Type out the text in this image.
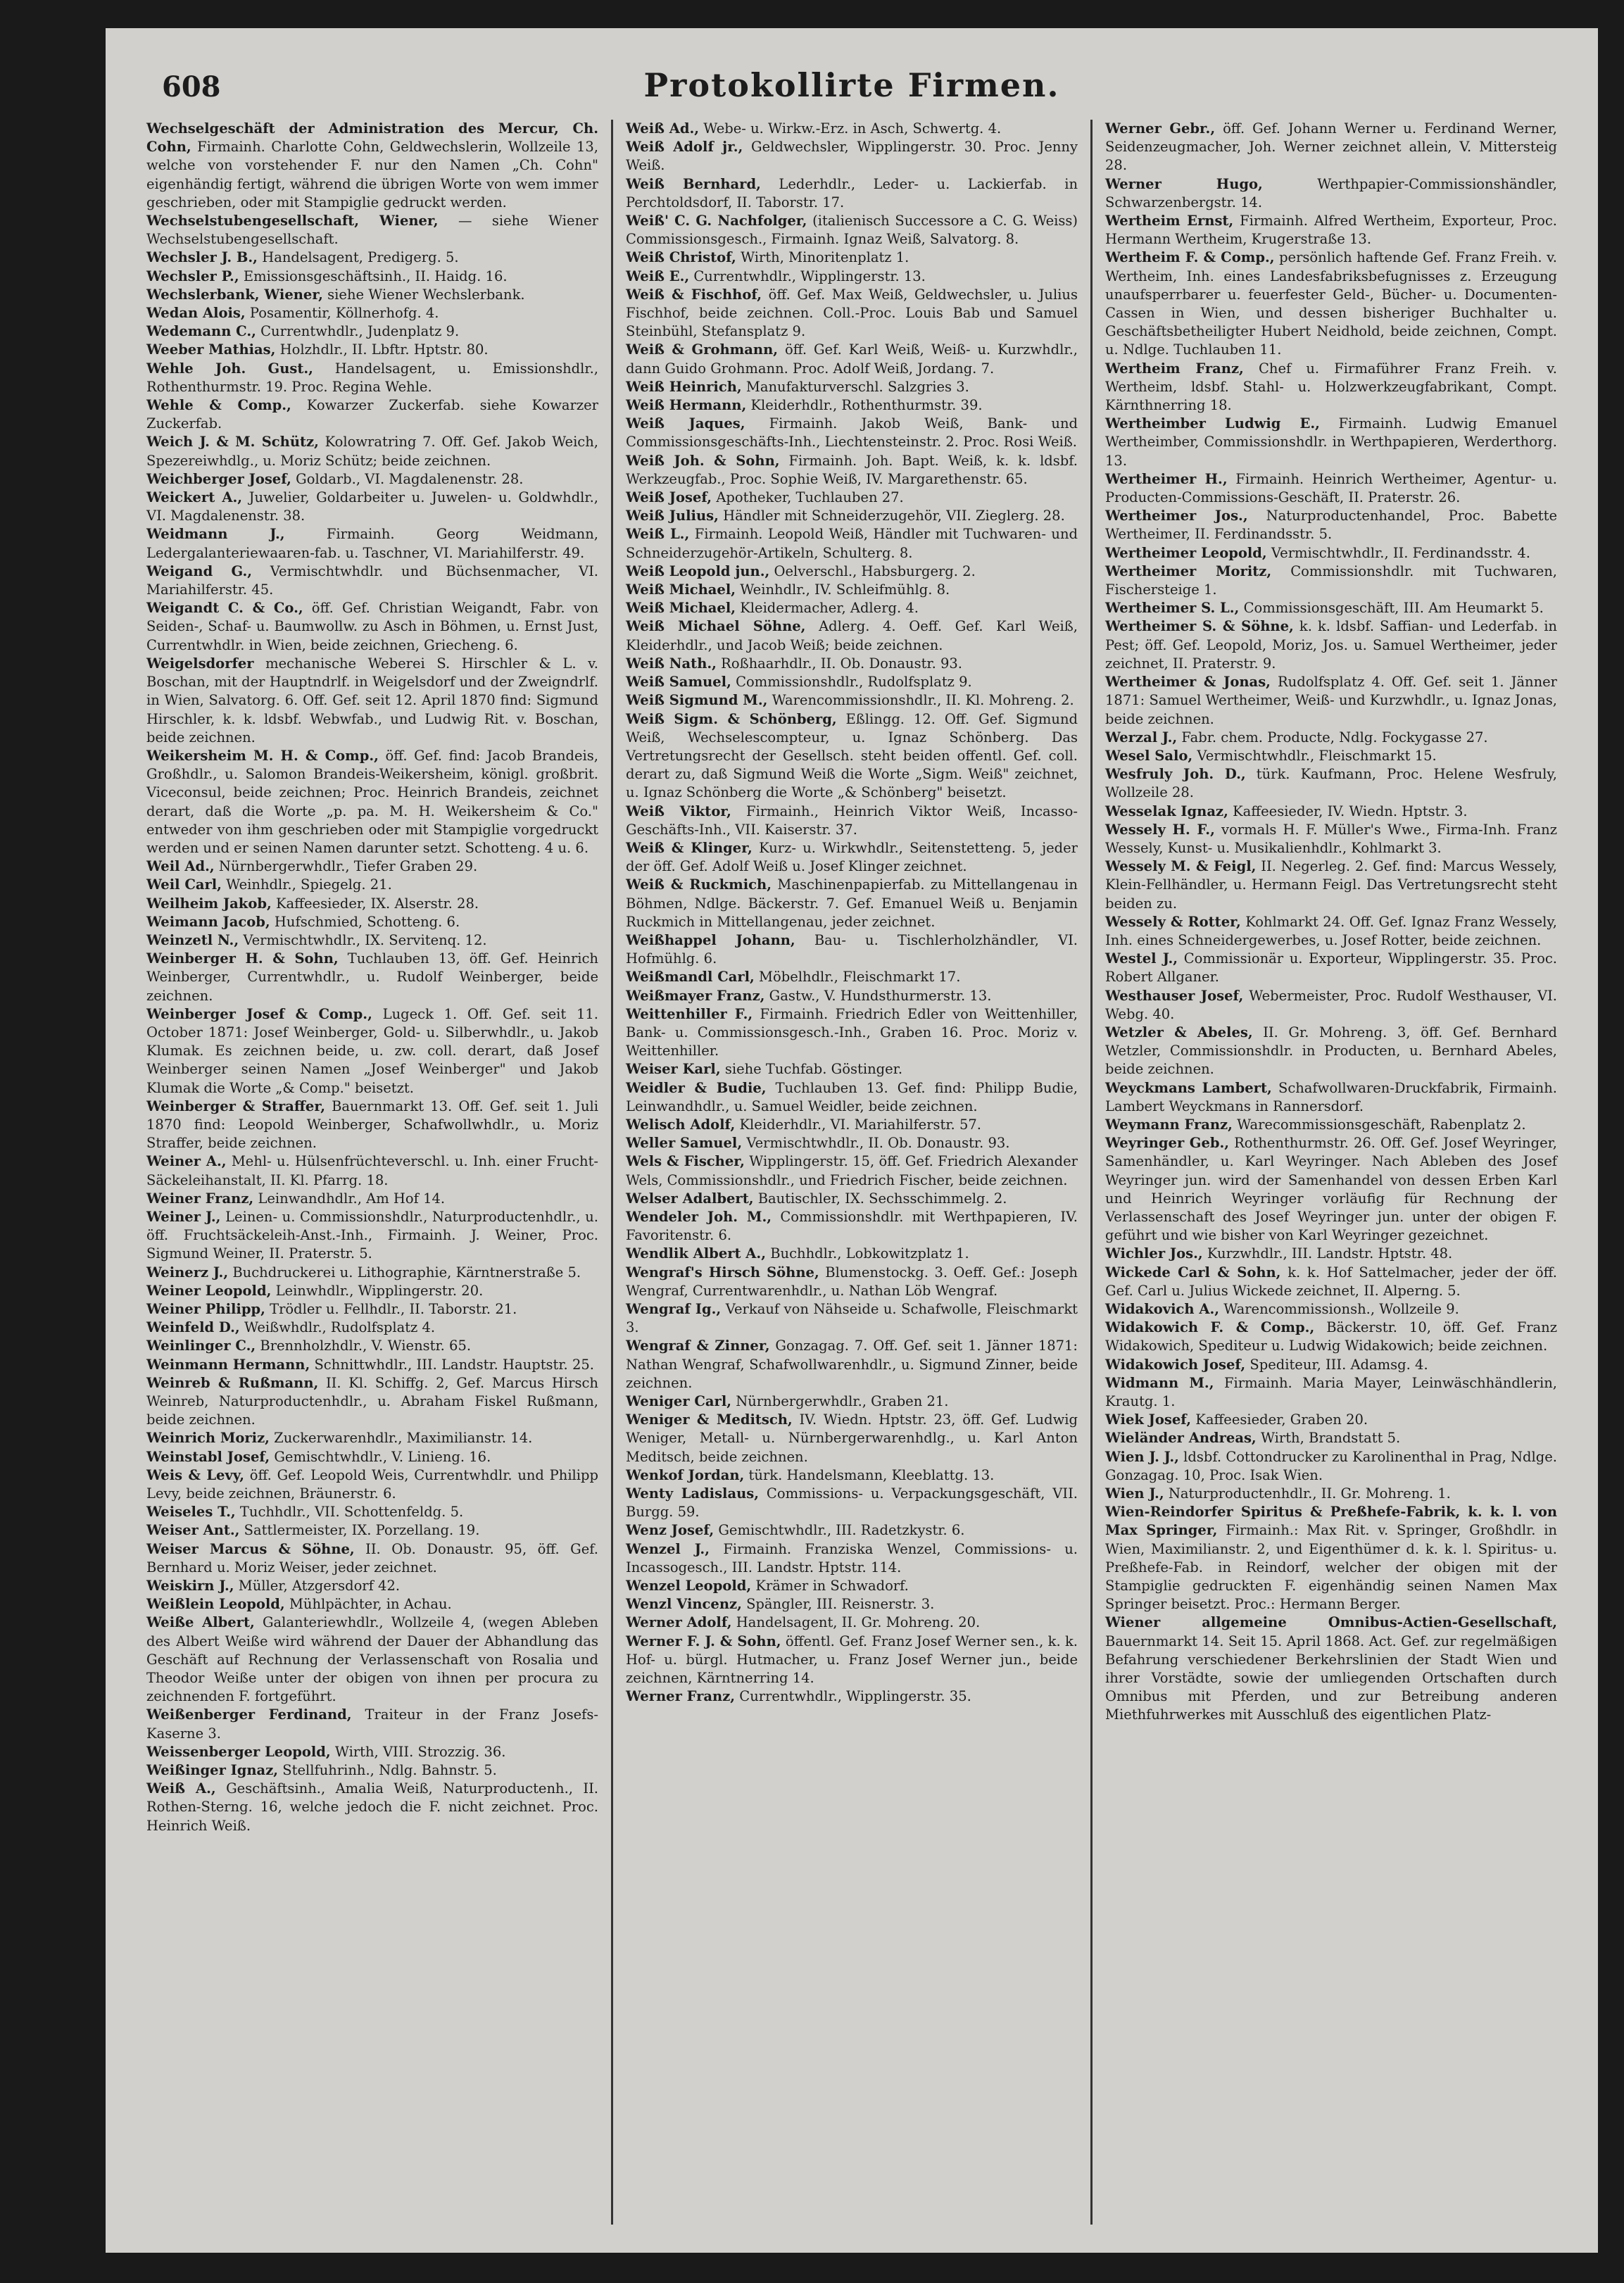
608	Protokollirte Firmen.

Wechselgeschäft der Administration des Mercur, Ch. Cohn, Firmainh. Charlotte Cohn, Geldwechslerin, Wollzeile 13, welche von vorstehender F. nur den Namen „Ch. Cohn" eigenhändig fertigt, während die übrigen Worte von wem immer geschrieben, oder mit Stampiglie gedruckt werden.

Wechselstubengesellschaft, Wiener, — siehe Wiener Wechselstubengesellschaft.

Wechsler J. B., Handelsagent, Predigerg. 5.

Wechsler P., Emissionsgeschäftsinh., II. Haidg. 16.

Wechslerbank, Wiener, siehe Wiener Wechslerbank.

Wedan Alois, Posamentir, Köllnerhofg. 4.

Wedemann C., Currentwhdlr., Judenplatz 9.

Weeber Mathias, Holzhdlr., II. Lbftr. Hptstr. 80.

Wehle Joh. Gust., Handelsagent, u. Emissionshdlr., Rothenthurmstr. 19. Proc. Regina Wehle.

Wehle & Comp., Kowarzer Zuckerfab. siehe Kowarzer Zuckerfab.

Weich J. & M. Schütz, Kolowratring 7. Off. Gef. Jakob Weich, Spezereiwhdlg., u. Moriz Schütz; beide zeichnen.

Weichberger Josef, Goldarb., VI. Magdalenenstr. 28.

Weickert A., Juwelier, Goldarbeiter u. Juwelen- u. Goldwhdlr., VI. Magdalenenstr. 38.

Weidmann J.,	Firmainh. Georg Weidmann, Ledergalanteriewaaren-fab. u. Taschner, VI. Mariahilferstr. 49.

Weigand G., Vermischtwhdlr. und Büchsenmacher, VI. Mariahilferstr. 45.

Weigandt C. & Co., öff. Gef. Christian Weigandt, Fabr. von Seiden-, Schaf- u. Baumwollw. zu Asch in Böhmen, u. Ernst Just, Currentwhdlr. in Wien, beide zeichnen, Griecheng. 6.

Weigelsdorfer mechanische Weberei S. Hirschler & L. v. Boschan, mit der Hauptndrlf. in Weigelsdorf und der Zweigndrlf. in Wien, Salvatorg. 6. Off. Gef. seit 12. April 1870 find: Sigmund Hirschler, k. k. ldsbf. Webwfab., und Ludwig Rit. v. Boschan, beide zeichnen.

Weikersheim M. H. & Comp., öff. Gef. find: Jacob Brandeis, Großhdlr., u. Salomon Brandeis-Weikersheim, königl. großbrit. Viceconsul, beide zeichnen; Proc. Heinrich Brandeis, zeichnet derart, daß die Worte „p. pa. M. H. Weikersheim & Co." entweder von ihm geschrieben oder mit Stampiglie vorgedruckt werden und er seinen Namen darunter setzt. Schotteng. 4 u. 6.

Weil Ad., Nürnbergerwhdlr., Tiefer Graben 29.

Weil Carl, Weinhdlr., Spiegelg. 21.

Weilheim Jakob, Kaffeesieder, IX. Alserstr. 28.

Weimann Jacob, Hufschmied, Schotteng. 6.

Weinzetl N., Vermischtwhdlr., IX. Servitenq. 12.

Weinberger H. & Sohn, Tuchlauben 13, öff. Gef. Heinrich Weinberger, Currentwhdlr., u. Rudolf Weinberger, beide zeichnen.

Weinberger Josef & Comp., Lugeck 1. Off. Gef. seit 11. October 1871: Josef Weinberger, Gold- u. Silberwhdlr., u. Jakob Klumak. Es zeichnen beide, u. zw. coll. derart, daß Josef Weinberger seinen Namen „Josef Weinberger" und Jakob Klumak die Worte „& Comp." beisetzt.

Weinberger & Straffer, Bauernmarkt 13. Off. Gef. seit 1. Juli 1870 find: Leopold Weinberger, Schafwollwhdlr., u. Moriz Straffer, beide zeichnen.

Weiner A., Mehl- u. Hülsenfrüchteverschl. u. Inh. einer Frucht-Säckeleihanstalt, II. Kl. Pfarrg. 18.

Weiner Franz, Leinwandhdlr., Am Hof 14.

Weiner J., Leinen- u. Commissionshdlr., Naturproductenhdlr., u. öff. Fruchtsäckeleih-Anst.-Inh., Firmainh. J. Weiner, Proc. Sigmund Weiner, II. Praterstr. 5.

Weinerz J., Buchdruckerei u. Lithographie, Kärntnerstraße 5.

Weiner Leopold, Leinwhdlr., Wipplingerstr. 20.

Weiner Philipp, Trödler u. Fellhdlr., II. Taborstr. 21.

Weinfeld D., Weißwhdlr., Rudolfsplatz 4.

Weinlinger C., Brennholzhdlr., V. Wienstr. 65.

Weinmann Hermann, Schnittwhdlr., III. Landstr. Hauptstr. 25.

Weinreb & Rußmann, II. Kl. Schiffg. 2, Gef. Marcus Hirsch Weinreb, Naturproductenhdlr., u. Abraham Fiskel Rußmann, beide zeichnen.

Weinrich Moriz, Zuckerwarenhdlr., Maximilianstr. 14.

Weinstabl Josef, Gemischtwhdlr., V. Linieng. 16.

Weis & Levy, öff. Gef. Leopold Weis, Currentwhdlr. und Philipp Levy, beide zeichnen, Bräunerstr. 6.

Weiseles T., Tuchhdlr., VII. Schottenfeldg. 5.

Weiser Ant., Sattlermeister, IX. Porzellang. 19.

Weiser Marcus & Söhne, II. Ob. Donaustr. 95, öff. Gef. Bernhard u. Moriz Weiser, jeder zeichnet.

Weiskirn J., Müller, Atzgersdorf 42.

Weißlein Leopold, Mühlpächter, in Achau.

Weiße Albert, Galanteriewhdlr., Wollzeile 4, (wegen Ableben des Albert Weiße wird während der Dauer der Abhandlung das Geschäft auf Rechnung der Verlassenschaft von Rosalia und Theodor Weiße unter der obigen von ihnen per procura zu zeichnenden F. fortgeführt.

Weißenberger Ferdinand, Traiteur in der Franz Josefs-Kaserne 3.

Weissenberger Leopold, Wirth, VIII. Strozzig. 36.

Weißinger Ignaz, Stellfuhrinh., Ndlg. Bahnstr. 5.

Weiß A., Geschäftsinh., Amalia Weiß, Naturproductenh., II. Rothen-Sterng. 16, welche jedoch die F. nicht zeichnet. Proc. Heinrich Weiß.

Weiß Ad., Webe- u. Wirkw.-Erz. in Asch, Schwertg. 4.

Weiß Adolf jr., Geldwechsler, Wipplingerstr. 30. Proc. Jenny Weiß.

Weiß Bernhard, Lederhdlr., Leder- u. Lackierfab. in Perchtoldsdorf, II. Taborstr. 17.

Weiß' C. G. Nachfolger, (italienisch Successore a C. G. Weiss) Commissionsgesch., Firmainh. Ignaz Weiß, Salvatorg. 8.

Weiß Christof, Wirth, Minoritenplatz 1.

Weiß E., Currentwhdlr., Wipplingerstr. 13.

Weiß & Fischhof, öff. Gef. Max Weiß, Geldwechsler, u. Julius Fischhof, beide zeichnen. Coll.-Proc. Louis Bab und Samuel Steinbühl, Stefansplatz 9.

Weiß & Grohmann, öff. Gef. Karl Weiß, Weiß- u. Kurzwhdlr., dann Guido Grohmann. Proc. Adolf Weiß, Jordang. 7.

Weiß Heinrich, Manufakturverschl. Salzgries 3.

Weiß Hermann, Kleiderhdlr., Rothenthurmstr. 39.

Weiß Jaques, Firmainh. Jakob Weiß, Bank- und Commissionsgeschäfts-Inh., Liechtensteinstr. 2. Proc. Rosi Weiß.

Weiß Joh. & Sohn, Firmainh. Joh. Bapt. Weiß, k. k. ldsbf. Werkzeugfab., Proc. Sophie Weiß, IV. Margarethenstr. 65.

Weiß Josef, Apotheker, Tuchlauben 27.

Weiß Julius, Händler mit Schneiderzugehör, VII. Zieglerg. 28.

Weiß L., Firmainh. Leopold Weiß, Händler mit Tuchwaren- und Schneiderzugehör-Artikeln, Schulterg. 8.

Weiß Leopold jun., Oelverschl., Habsburgerg. 2.

Weiß Michael, Weinhdlr., IV. Schleifmühlg. 8.

Weiß Michael, Kleidermacher, Adlerg. 4.

Weiß Michael Söhne, Adlerg. 4. Oeff. Gef. Karl Weiß, Kleiderhdlr., und Jacob Weiß; beide zeichnen.

Weiß Nath., Roßhaarhdlr., II. Ob. Donaustr. 93.

Weiß Samuel, Commissionshdlr., Rudolfsplatz 9.

Weiß Sigmund M., Warencommissionshdlr., II. Kl. Mohreng. 2.

Weiß Sigm. & Schönberg, Eßlingg. 12. Off. Gef. Sigmund Weiß, Wechselescompteur, u. Ignaz Schönberg. Das Vertretungsrecht der Gesellsch. steht beiden offentl. Gef. coll. derart zu, daß Sigmund Weiß die Worte „Sigm. Weiß" zeichnet, u. Ignaz Schönberg die Worte „& Schönberg" beisetzt.

Weiß Viktor, Firmainh., Heinrich Viktor Weiß, Incasso-Geschäfts-Inh., VII. Kaiserstr. 37.

Weiß & Klinger, Kurz- u. Wirkwhdlr., Seitenstetteng. 5, jeder der öff. Gef. Adolf Weiß u. Josef Klinger zeichnet.

Weiß & Ruckmich, Maschinenpapierfab. zu Mittellangenau in Böhmen, Ndlge. Bäckerstr. 7. Gef. Emanuel Weiß u. Benjamin Ruckmich in Mittellangenau, jeder zeichnet.

Weißhappel Johann, Bau- u. Tischlerholzhändler, VI. Hofmühlg. 6.

Weißmandl Carl, Möbelhdlr., Fleischmarkt 17.

Weißmayer Franz, Gastw., V. Hundsthurmerstr. 13.

Weittenhiller F., Firmainh. Friedrich Edler von Weittenhiller, Bank- u. Commissionsgesch.-Inh., Graben 16. Proc. Moriz v. Weittenhiller.

Weiser Karl, siehe Tuchfab. Göstinger.

Weidler & Budie, Tuchlauben 13. Gef. find: Philipp Budie, Leinwandhdlr., u. Samuel Weidler, beide zeichnen.

Welisch Adolf, Kleiderhdlr., VI. Mariahilferstr. 57.

Weller Samuel, Vermischtwhdlr., II. Ob. Donaustr. 93.

Wels & Fischer, Wipplingerstr. 15, öff. Gef. Friedrich Alexander Wels, Commissionshdlr., und Friedrich Fischer, beide zeichnen.

Welser Adalbert, Bautischler, IX. Sechsschimmelg. 2.

Wendeler Joh. M., Commissionshdlr. mit Werthpapieren, IV. Favoritenstr. 6.

Wendlik Albert A., Buchhdlr., Lobkowitzplatz 1.

Wengraf's Hirsch Söhne, Blumenstockg. 3. Oeff. Gef.: Joseph Wengraf, Currentwarenhdlr., u. Nathan Löb Wengraf.

Wengraf Ig., Verkauf von Nähseide u. Schafwolle, Fleischmarkt 3.

Wengraf & Zinner, Gonzagag. 7. Off. Gef. seit 1. Jänner 1871: Nathan Wengraf, Schafwollwarenhdlr., u. Sigmund Zinner, beide zeichnen.

Weniger Carl, Nürnbergerwhdlr., Graben 21.

Weniger & Meditsch, IV. Wiedn. Hptstr. 23, öff. Gef. Ludwig Weniger, Metall- u. Nürnbergerwarenhdlg., u. Karl Anton Meditsch, beide zeichnen.

Wenkof Jordan, türk. Handelsmann, Kleeblattg. 13.

Wenty Ladislaus, Commissions- u. Verpackungsgeschäft, VII. Burgg. 59.

Wenz Josef, Gemischtwhdlr., III. Radetzkystr. 6.

Wenzel J., Firmainh. Franziska Wenzel, Commissions- u. Incassogesch., III. Landstr. Hptstr. 114.

Wenzel Leopold, Krämer in Schwadorf.

Wenzl Vincenz, Spängler, III. Reisnerstr. 3.

Werner Adolf, Handelsagent, II. Gr. Mohreng. 20.

Werner F. J. & Sohn, öffentl. Gef. Franz Josef Werner sen., k. k. Hof- u. bürgl. Hutmacher, u. Franz Josef Werner jun., beide zeichnen, Kärntnerring 14.

Werner Franz, Currentwhdlr., Wipplingerstr. 35.

Werner Gebr., öff. Gef. Johann Werner u. Ferdinand Werner, Seidenzeugmacher, Joh. Werner zeichnet allein, V. Mittersteig 28.

Werner Hugo,	Werthpapier-Commissionshändler, Schwarzenbergstr. 14.

Wertheim Ernst, Firmainh. Alfred Wertheim, Exporteur, Proc. Hermann Wertheim, Krugerstraße 13.

Wertheim F. & Comp., persönlich haftende Gef. Franz Freih. v. Wertheim, Inh. eines Landesfabriksbefugnisses z. Erzeugung unaufsperrbarer u. feuerfester Geld-, Bücher- u. Documenten-Cassen in Wien, und dessen bisheriger Buchhalter u. Geschäftsbetheiligter Hubert Neidhold, beide zeichnen, Compt. u. Ndlge. Tuchlauben 11.

Wertheim Franz, Chef u. Firmaführer Franz Freih. v. Wertheim, ldsbf. Stahl- u. Holzwerkzeugfabrikant, Compt. Kärnthnerring 18.

Wertheimber Ludwig E., Firmainh. Ludwig Emanuel Wertheimber, Commissionshdlr. in Werthpapieren, Werderthorg. 13.

Wertheimer H., Firmainh. Heinrich Wertheimer, Agentur- u. Producten-Commissions-Geschäft, II. Praterstr. 26.

Wertheimer Jos., Naturproductenhandel, Proc. Babette Wertheimer, II. Ferdinandsstr. 5.

Wertheimer Leopold, Vermischtwhdlr., II. Ferdinandsstr. 4.

Wertheimer Moritz, Commissionshdlr. mit Tuchwaren, Fischersteige 1.

Wertheimer S. L., Commissionsgeschäft, III. Am Heumarkt 5.

Wertheimer S. & Söhne, k. k. ldsbf. Saffian- und Lederfab. in Pest; öff. Gef. Leopold, Moriz, Jos. u. Samuel Wertheimer, jeder zeichnet, II. Praterstr. 9.

Wertheimer & Jonas, Rudolfsplatz 4. Off. Gef. seit 1. Jänner 1871: Samuel Wertheimer, Weiß- und Kurzwhdlr., u. Ignaz Jonas, beide zeichnen.

Werzal J., Fabr. chem. Producte, Ndlg. Fockygasse 27.

Wesel Salo, Vermischtwhdlr., Fleischmarkt 15.

Wesfruly Joh. D., türk. Kaufmann, Proc. Helene Wesfruly, Wollzeile 28.

Wesselak Ignaz, Kaffeesieder, IV. Wiedn. Hptstr. 3.

Wessely H. F., vormals H. F. Müller's Wwe., Firma-Inh. Franz Wessely, Kunst- u. Musikalienhdlr., Kohlmarkt 3.

Wessely M. & Feigl, II. Negerleg. 2. Gef. find: Marcus Wessely, Klein-Fellhändler, u. Hermann Feigl. Das Vertretungsrecht steht beiden zu.

Wessely & Rotter, Kohlmarkt 24. Off. Gef. Ignaz Franz Wessely, Inh. eines Schneidergewerbes, u. Josef Rotter, beide zeichnen.

Westel J., Commissionär u. Exporteur, Wipplingerstr. 35. Proc. Robert Allganer.

Westhauser Josef, Webermeister, Proc. Rudolf Westhauser, VI. Webg. 40.

Wetzler & Abeles, II. Gr. Mohreng. 3, öff. Gef. Bernhard Wetzler, Commissionshdlr. in Producten, u. Bernhard Abeles, beide zeichnen.

Weyckmans Lambert, Schafwollwaren-Druckfabrik, Firmainh. Lambert Weyckmans in Rannersdorf.

Weymann Franz, Warecommissionsgeschäft, Rabenplatz 2.

Weyringer Geb., Rothenthurmstr. 26. Off. Gef. Josef Weyringer, Samenhändler, u. Karl Weyringer. Nach Ableben des Josef Weyringer jun. wird der Samenhandel von dessen Erben Karl und Heinrich Weyringer vorläufig für Rechnung der Verlassenschaft des Josef Weyringer jun. unter der obigen F. geführt und wie bisher von Karl Weyringer gezeichnet.

Wichler Jos., Kurzwhdlr., III. Landstr. Hptstr. 48.

Wickede Carl & Sohn, k. k. Hof Sattelmacher, jeder der öff. Gef. Carl u. Julius Wickede zeichnet, II. Alperng. 5.

Widakovich A., Warencommissionsh., Wollzeile 9.

Widakowich F. & Comp., Bäckerstr. 10, öff. Gef. Franz Widakowich, Spediteur u. Ludwig Widakowich; beide zeichnen.

Widakowich Josef, Spediteur, III. Adamsg. 4.

Widmann M., Firmainh. Maria Mayer, Leinwäschhändlerin, Krautg. 1.

Wiek Josef, Kaffeesieder, Graben 20.

Wieländer Andreas, Wirth, Brandstatt 5.

Wien J. J., ldsbf. Cottondrucker zu Karolinenthal in Prag, Ndlge. Gonzagag. 10, Proc. Isak Wien.

Wien J., Naturproductenhdlr., II. Gr. Mohreng. 1.

Wien-Reindorfer Spiritus & Preßhefe-Fabrik, k. k. l. von Max Springer, Firmainh.: Max Rit. v. Springer, Großhdlr. in Wien, Maximilianstr. 2, und Eigenthümer d. k. k. l. Spiritus- u. Preßhefe-Fab. in Reindorf, welcher der obigen mit der Stampiglie gedruckten F. eigenhändig seinen Namen Max Springer beisetzt. Proc.: Hermann Berger.

Wiener allgemeine Omnibus-Actien-Gesellschaft, Bauernmarkt 14. Seit 15. April 1868. Act. Gef. zur regelmäßigen Befahrung verschiedener Berkehrslinien der Stadt Wien und ihrer Vorstädte, sowie der umliegenden Ortschaften durch Omnibus mit Pferden, und zur Betreibung anderen Miethfuhrwerkes mit Ausschluß des eigentlichen Platz-
